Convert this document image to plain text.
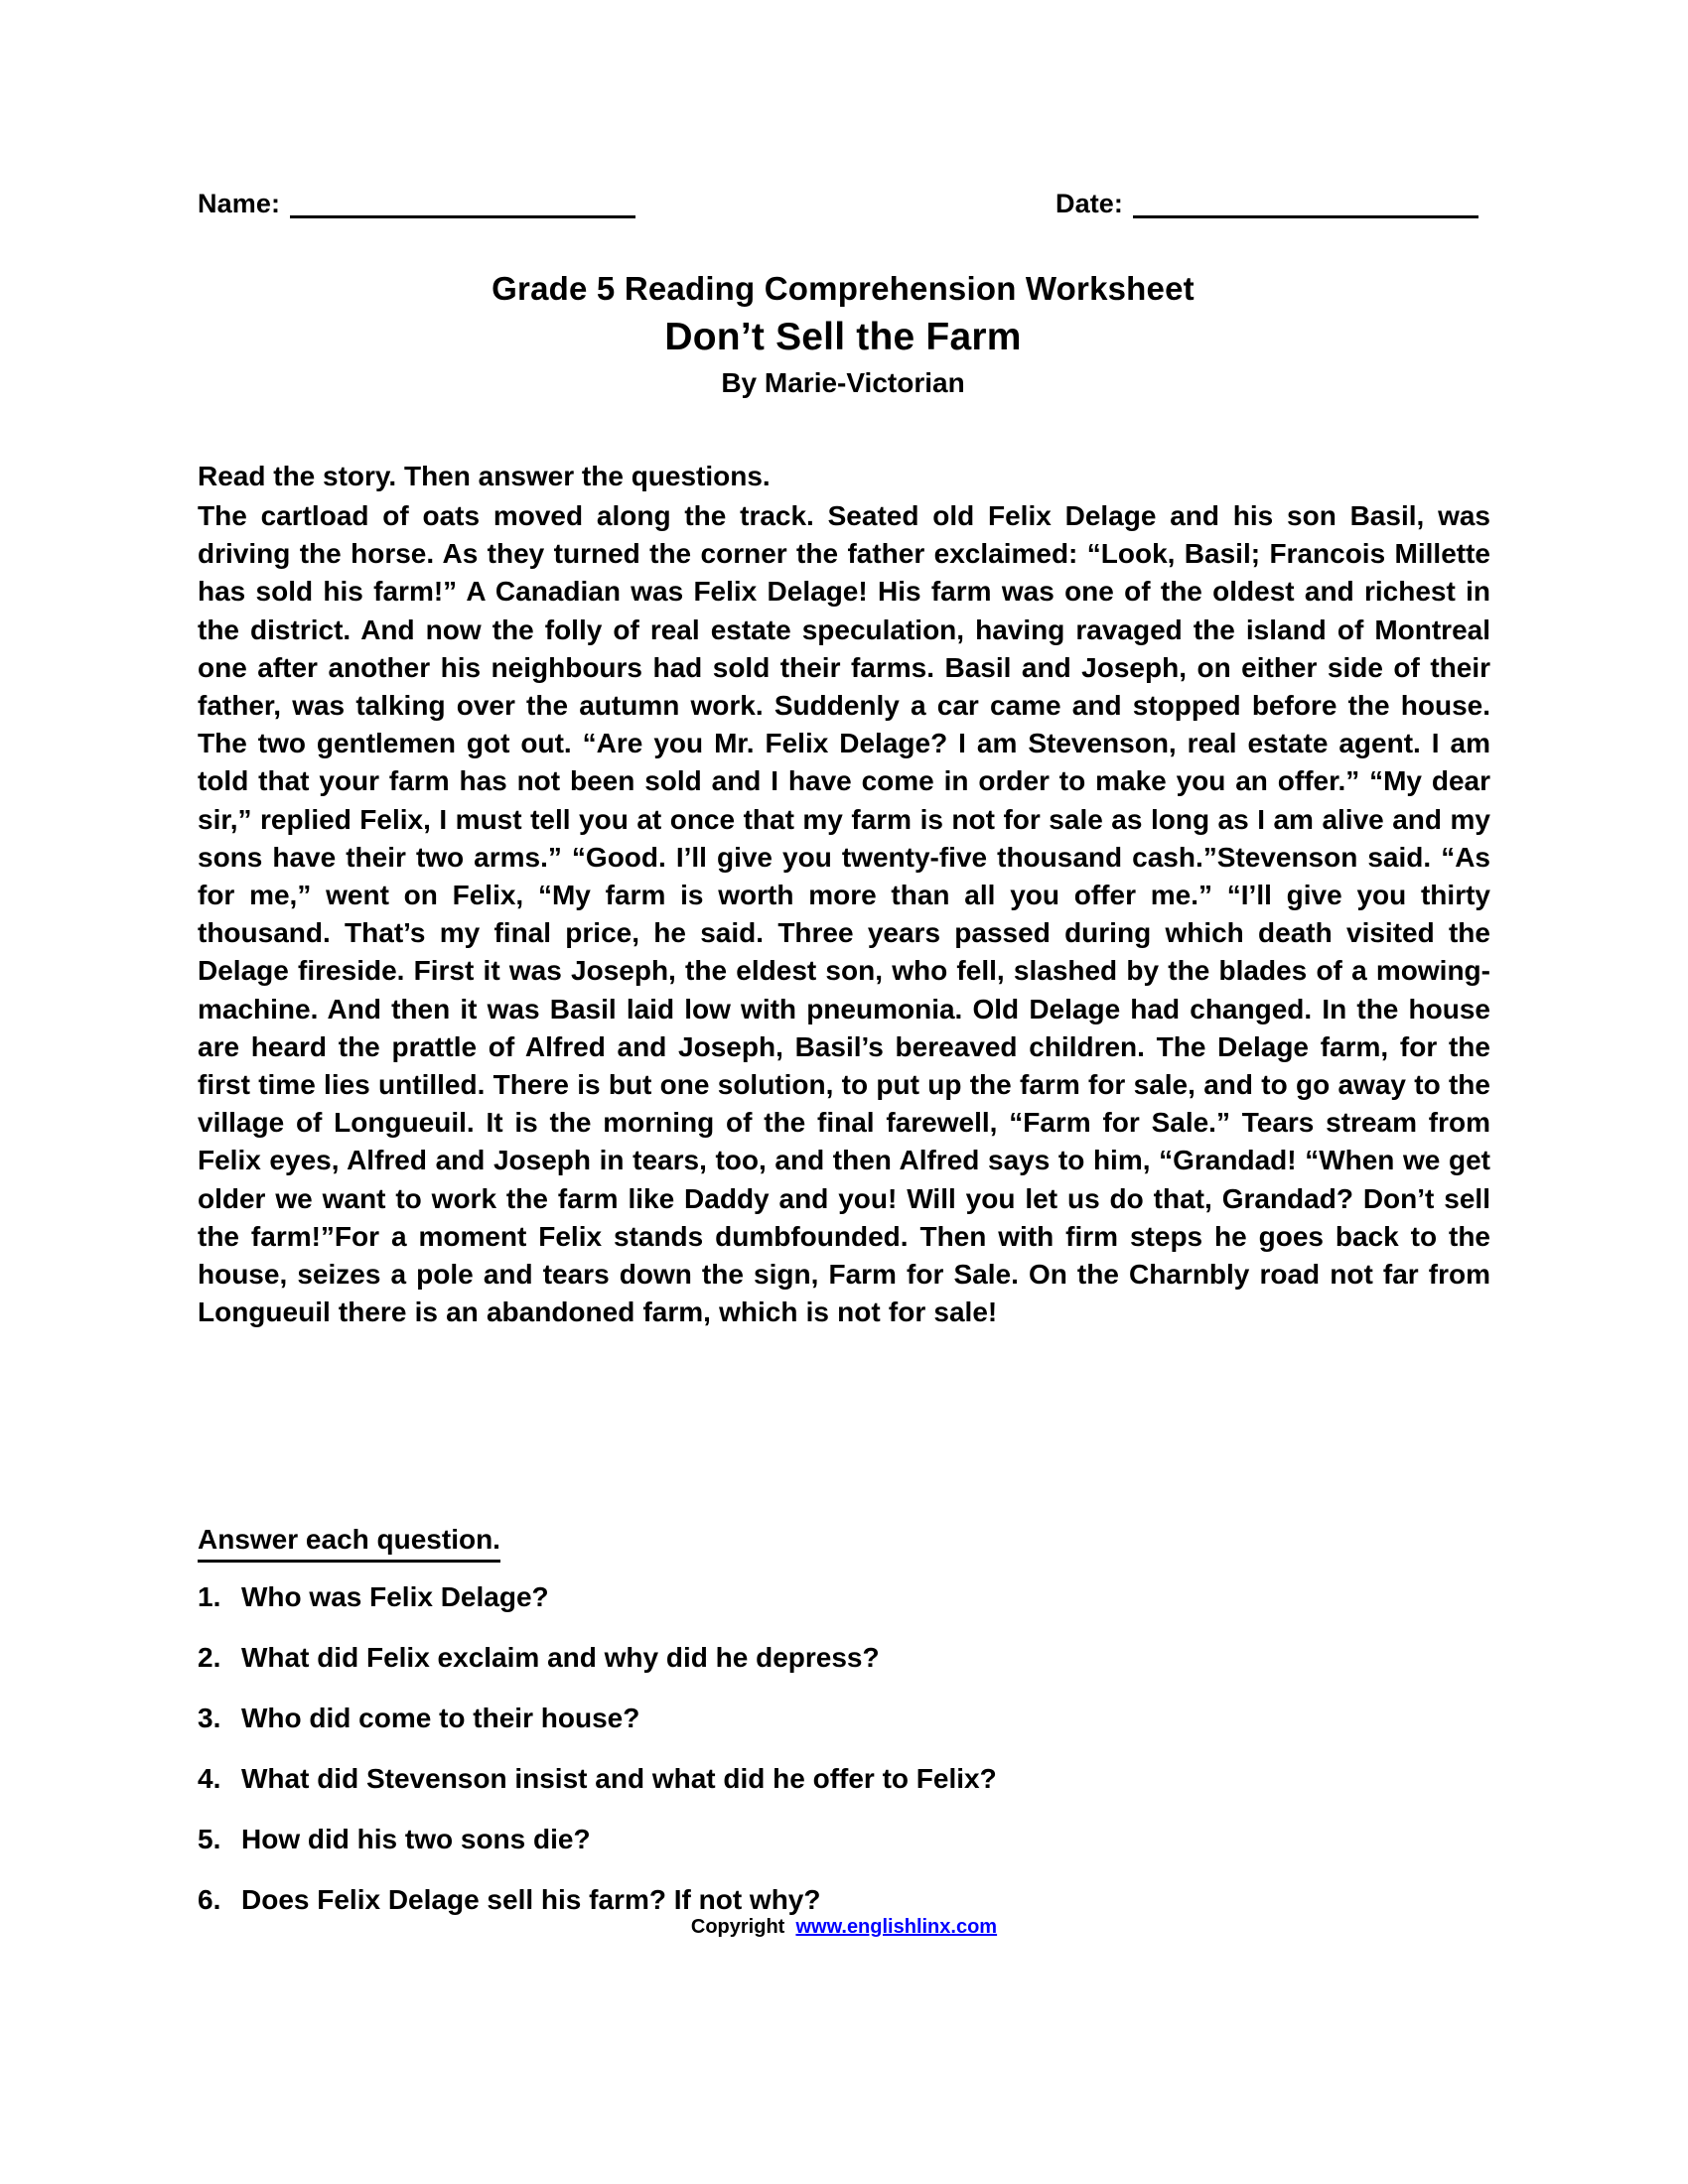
Name:	Date:
Grade 5 Reading Comprehension Worksheet
Don’t Sell the Farm

By Marie-Victorian

Read the story. Then answer the questions.

The cartload of oats moved along the track. Seated old Felix Delage and his son Basil, was driving the horse. As they turned the corner the father exclaimed: “Look, Basil; Francois Millette has sold his farm!” A Canadian was Felix Delage! His farm was one of the oldest and richest in the district. And now the folly of real estate speculation, having ravaged the island of Montreal one after another his neighbours had sold their farms. Basil and Joseph, on either side of their father, was talking over the autumn work. Suddenly a car came and stopped before the house. The two gentlemen got out. “Are you Mr. Felix Delage? I am Stevenson, real estate agent. I am told that your farm has not been sold and I have come in order to make you an offer.” “My dear sir,” replied Felix, I must tell you at once that my farm is not for sale as long as I am alive and my sons have their two arms.” “Good. I’ll give you twenty-five thousand cash.”Stevenson said. “As for me,” went on Felix, “My farm is worth more than all you offer me.” “I’ll give you thirty thousand. That’s my final price, he said. Three years passed during which death visited the Delage fireside. First it was Joseph, the eldest son, who fell, slashed by the blades of a mowing-machine. And then it was Basil laid low with pneumonia. Old Delage had changed. In the house are heard the prattle of Alfred and Joseph, Basil’s bereaved children. The Delage farm, for the first time lies untilled. There is but one solution, to put up the farm for sale, and to go away to the village of Longueuil. It is the morning of the final farewell, “Farm for Sale.” Tears stream from Felix eyes, Alfred and Joseph in tears, too, and then Alfred says to him, “Grandad! “When we get older we want to work the farm like Daddy and you! Will you let us do that, Grandad? Don’t sell the farm!”For a moment Felix stands dumbfounded. Then with firm steps he goes back to the house, seizes a pole and tears down the sign, Farm for Sale. On the Charnbly road not far from Longueuil there is an abandoned farm, which is not for sale!

Answer each question.
1. Who was Felix Delage?
2. What did Felix exclaim and why did he depress?
3. Who did come to their house?
4. What did Stevenson insist and what did he offer to Felix?
5. How did his two sons die?
6. Does Felix Delage sell his farm? If not why?
Copyright www.englishlinx.com
